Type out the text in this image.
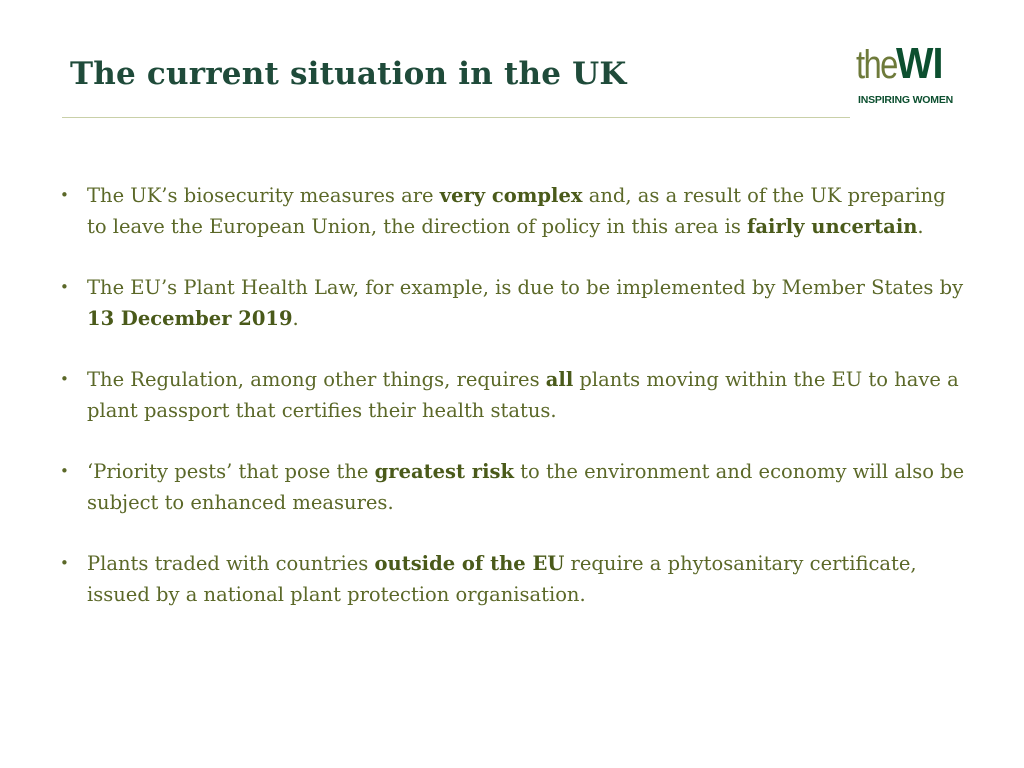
The current situation in the UK	theWI
INSPIRING WOMEN
• The UK’s biosecurity measures are very complex and, as a result of the UK preparing to leave the European Union, the direction of policy in this area is fairly uncertain.
• The EU’s Plant Health Law, for example, is due to be implemented by Member States by 13 December 2019.
• The Regulation, among other things, requires all plants moving within the EU to have a plant passport that certifies their health status.
• ‘Priority pests’ that pose the greatest risk to the environment and economy will also be subject to enhanced measures.
• Plants traded with countries outside of the EU require a phytosanitary certificate, issued by a national plant protection organisation.
